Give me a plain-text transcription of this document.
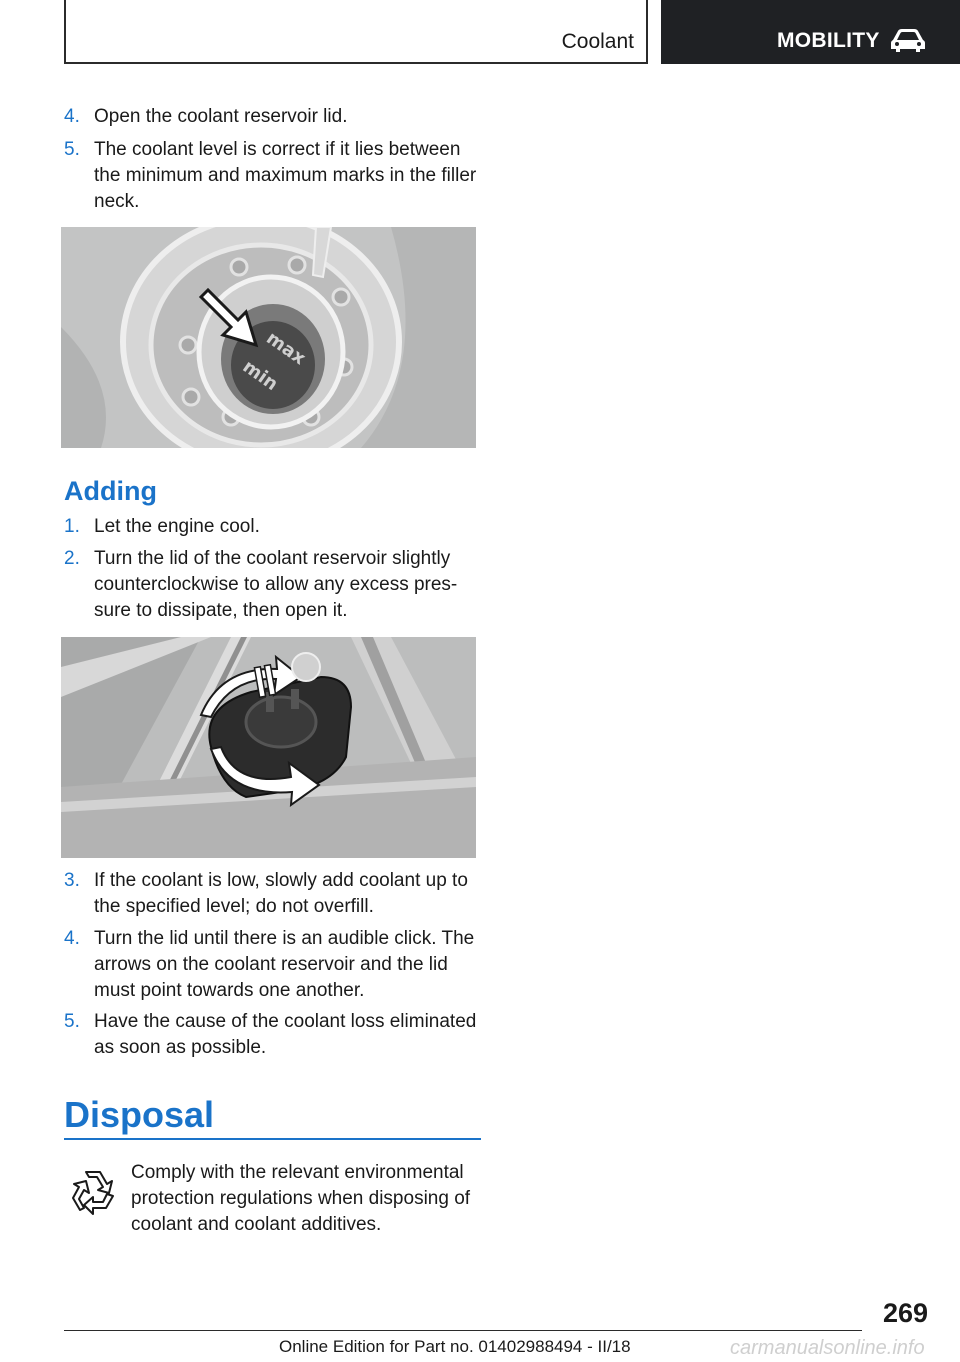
Coolant	MOBILITY
4. Open the coolant reservoir lid.
5. The coolant level is correct if it lies between the minimum and maximum marks in the filler neck.
max
min
Adding
1. Let the engine cool.
2. Turn the lid of the coolant reservoir slightly counterclockwise to allow any excess pres-sure to dissipate, then open it.
3. If the coolant is low, slowly add coolant up to the specified level; do not overfill.
4. Turn the lid until there is an audible click. The arrows on the coolant reservoir and the lid must point towards one another.
5. Have the cause of the coolant loss eliminated as soon as possible.
Disposal
Comply with the relevant environmental protection regulations when disposing of coolant and coolant additives.
269
Online Edition for Part no. 01402988494 - II/18	carmanualsonline.info
